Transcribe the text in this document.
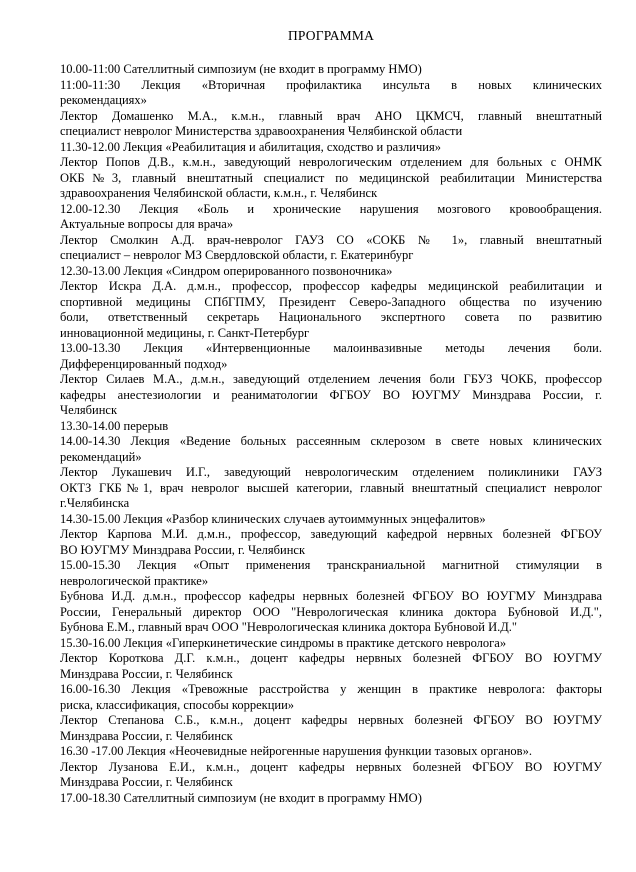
ПРОГРАММА
10.00-11:00 Сателлитный симпозиум (не входит в программу НМО)
11:00-11:30 Лекция «Вторичная профилактика инсульта в новых клинических
рекомендациях»
Лектор Домашенко М.А., к.м.н., главный врач АНО ЦКМСЧ, главный внештатный
специалист невролог Министерства здравоохранения Челябинской области
11.30-12.00 Лекция «Реабилитация и абилитация, сходство и различия»
Лектор Попов Д.В., к.м.н., заведующий неврологическим отделением для больных с ОНМК
ОКБ№3, главный внештатный специалист по медицинской реабилитации Министерства
здравоохранения Челябинской области, к.м.н., г. Челябинск
12.00-12.30 Лекция «Боль и хронические нарушения мозгового кровообращения.
Актуальные вопросы для врача»
Лектор Смолкин А.Д. врач-невролог ГАУЗ СО «СОКБ № 1», главный внештатный
специалист – невролог МЗ Свердловской области, г. Екатеринбург
12.30-13.00 Лекция «Синдром оперированного позвоночника»
Лектор Искра Д.А. д.м.н., профессор, профессор кафедры медицинской реабилитации и
спортивной медицины СПбГПМУ, Президент Северо-Западного общества по изучению
боли, ответственный секретарь Национального экспертного совета по развитию
инновационной медицины, г. Санкт-Петербург
13.00-13.30 Лекция «Интервенционные малоинвазивные методы лечения боли.
Дифференцированный подход»
Лектор Силаев М.А., д.м.н., заведующий отделением лечения боли ГБУЗ ЧОКБ, профессор
кафедры анестезиологии и реаниматологии ФГБОУ ВО ЮУГМУ Минздрава России, г.
Челябинск
13.30-14.00 перерыв
14.00-14.30 Лекция «Ведение больных рассеянным склерозом в свете новых клинических
рекомендаций»
Лектор Лукашевич И.Г., заведующий неврологическим отделением поликлиники ГАУЗ
ОКТЗ ГКБ№1, врач невролог высшей категории, главный внештатный специалист невролог
г.Челябинска
14.30-15.00 Лекция «Разбор клинических случаев аутоиммунных энцефалитов»
Лектор Карпова М.И. д.м.н., профессор, заведующий кафедрой нервных болезней ФГБОУ
ВО ЮУГМУ Минздрава России, г. Челябинск
15.00-15.30 Лекция «Опыт применения транскраниальной магнитной стимуляции в
неврологической практике»
Бубнова И.Д. д.м.н., профессор кафедры нервных болезней ФГБОУ ВО ЮУГМУ Минздрава
России, Генеральный директор ООО "Неврологическая клиника доктора Бубновой И.Д.",
Бубнова Е.М., главный врач ООО "Неврологическая клиника доктора Бубновой И.Д."
15.30-16.00 Лекция «Гиперкинетические синдромы в практике детского невролога»
Лектор Короткова Д.Г. к.м.н., доцент кафедры нервных болезней ФГБОУ ВО ЮУГМУ
Минздрава России, г. Челябинск
16.00-16.30 Лекция «Тревожные расстройства у женщин в практике невролога: факторы
риска, классификация, способы коррекции»
Лектор Степанова С.Б., к.м.н., доцент кафедры нервных болезней ФГБОУ ВО ЮУГМУ
Минздрава России, г. Челябинск
16.30 -17.00 Лекция «Неочевидные нейрогенные нарушения функции тазовых органов».
Лектор Лузанова Е.И., к.м.н., доцент кафедры нервных болезней ФГБОУ ВО ЮУГМУ
Минздрава России, г. Челябинск
17.00-18.30 Сателлитный симпозиум (не входит в программу НМО)
